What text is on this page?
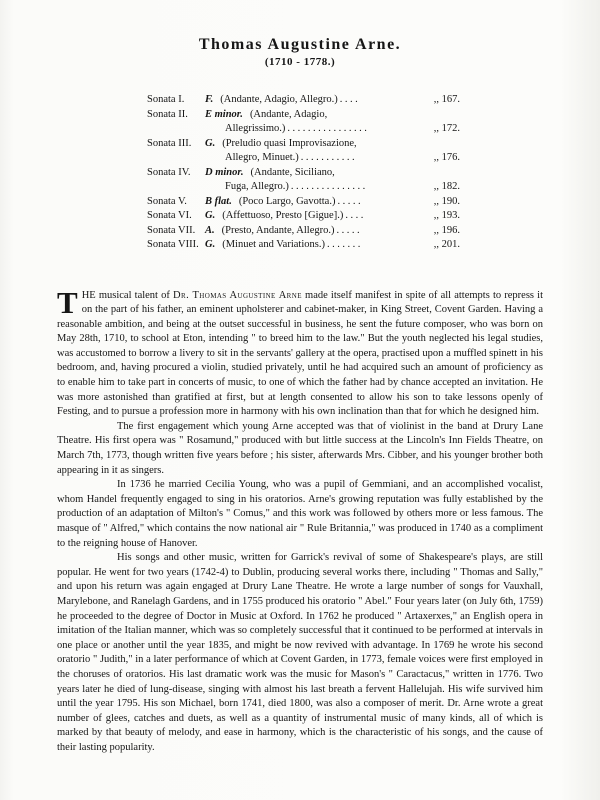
Thomas Augustine Arne.
(1710 - 1778.)
Sonata I.	F. (Andante, Adagio, Allegro.) ....	,, 167.
Sonata II.	E minor. (Andante, Adagio,
Allegrissimo.) ................	,, 172.
Sonata III.	G. (Preludio quasi Improvisazione,
Allegro, Minuet.) ...........	,, 176.
Sonata IV.	D minor. (Andante, Siciliano,
Fuga, Allegro.) ...............	,, 182.
Sonata V.	B flat. (Poco Largo, Gavotta.) .....	,, 190.
Sonata VI.	G. (Affettuoso, Presto [Gigue].) ....	,, 193.
Sonata VII. A. (Presto, Andante, Allegro.) .....	,, 196.
Sonata VIII. G. (Minuet and Variations.) .......	,, 201.

THE musical talent of Dr. Thomas Augustine Arne made itself manifest in spite of all attempts to repress it on the part of his father, an eminent upholsterer and cabinet-maker, in King Street, Covent Garden. Having a reasonable ambition, and being at the outset successful in business, he sent the future composer, who was born on May 28th, 1710, to school at Eton, intending " to breed him to the law." But the youth neglected his legal studies, was accustomed to borrow a livery to sit in the servants' gallery at the opera, practised upon a muffled spinett in his bedroom, and, having procured a violin, studied privately, until he had acquired such an amount of proficiency as to enable him to take part in concerts of music, to one of which the father had by chance accepted an invitation. He was more astonished than gratified at first, but at length consented to allow his son to take lessons openly of Festing, and to pursue a profession more in harmony with his own inclination than that for which he designed him.

The first engagement which young Arne accepted was that of violinist in the band at Drury Lane Theatre. His first opera was " Rosamund," produced with but little success at the Lincoln's Inn Fields Theatre, on March 7th, 1773, though written five years before ; his sister, afterwards Mrs. Cibber, and his younger brother both appearing in it as singers.

In 1736 he married Cecilia Young, who was a pupil of Gemmiani, and an accomplished vocalist, whom Handel frequently engaged to sing in his oratorios. Arne's growing reputation was fully established by the production of an adaptation of Milton's " Comus," and this work was followed by others more or less famous. The masque of " Alfred," which contains the now national air " Rule Britannia," was produced in 1740 as a compliment to the reigning house of Hanover.

His songs and other music, written for Garrick's revival of some of Shakespeare's plays, are still popular. He went for two years (1742-4) to Dublin, producing several works there, including " Thomas and Sally," and upon his return was again engaged at Drury Lane Theatre. He wrote a large number of songs for Vauxhall, Marylebone, and Ranelagh Gardens, and in 1755 produced his oratorio " Abel." Four years later (on July 6th, 1759) he proceeded to the degree of Doctor in Music at Oxford. In 1762 he produced " Artaxerxes," an English opera in imitation of the Italian manner, which was so completely successful that it continued to be performed at intervals in one place or another until the year 1835, and might be now revived with advantage. In 1769 he wrote his second oratorio " Judith," in a later performance of which at Covent Garden, in 1773, female voices were first employed in the choruses of oratorios. His last dramatic work was the music for Mason's " Caractacus," written in 1776. Two years later he died of lung-disease, singing with almost his last breath a fervent Hallelujah. His wife survived him until the year 1795. His son Michael, born 1741, died 1800, was also a composer of merit. Dr. Arne wrote a great number of glees, catches and duets, as well as a quantity of instrumental music of many kinds, all of which is marked by that beauty of melody, and ease in harmony, which is the characteristic of his songs, and the cause of their lasting popularity.
